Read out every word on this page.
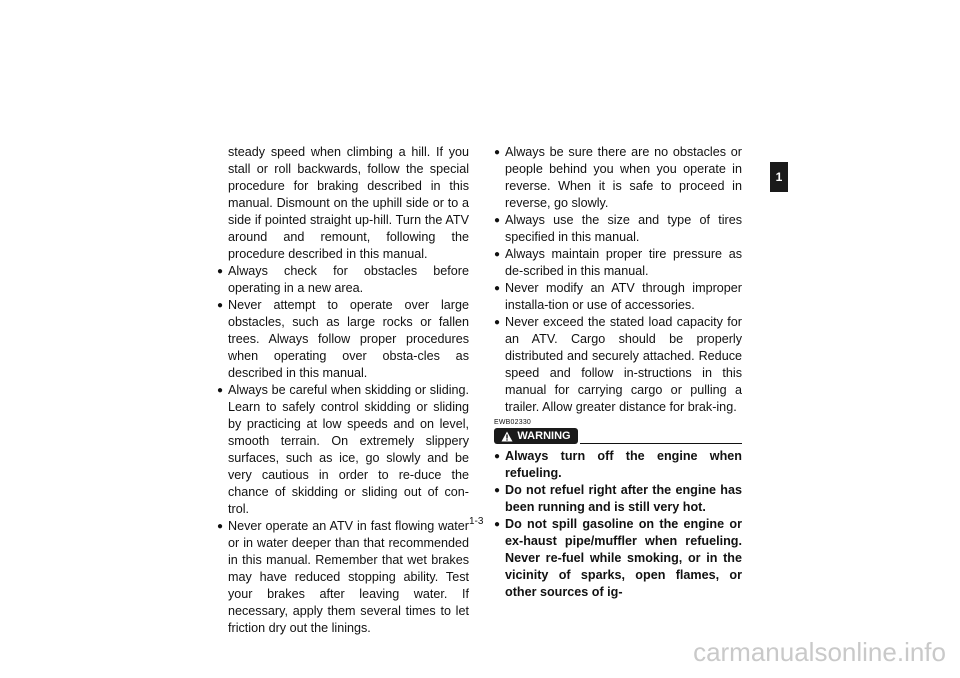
steady speed when climbing a hill. If you stall or roll backwards, follow the special procedure for braking described in this manual. Dismount on the uphill side or to a side if pointed straight up-hill. Turn the ATV around and remount, following the procedure described in this manual.

● Always check for obstacles before operating in a new area.

● Never attempt to operate over large obstacles, such as large rocks or fallen trees. Always follow proper procedures when operating over obsta-cles as described in this manual.

● Always be careful when skidding or sliding. Learn to safely control skidding or sliding by practicing at low speeds and on level, smooth terrain. On extremely slippery surfaces, such as ice, go slowly and be very cautious in order to re-duce the chance of skidding or sliding out of con-trol.

● Never operate an ATV in fast flowing water or in water deeper than that recommended in this manual. Remember that wet brakes may have reduced stopping ability. Test your brakes after leaving water. If necessary, apply them several times to let friction dry out the linings.

● Always be sure there are no obstacles or people behind you when you operate in reverse. When it is safe to proceed in reverse, go slowly.

● Always use the size and type of tires specified in this manual.

● Always maintain proper tire pressure as de-scribed in this manual.

● Never modify an ATV through improper installa-tion or use of accessories.

● Never exceed the stated load capacity for an ATV. Cargo should be properly distributed and securely attached. Reduce speed and follow in-structions in this manual for carrying cargo or pulling a trailer. Allow greater distance for brak-ing.

EWB02330

WARNING

● Always turn off the engine when refueling.

● Do not refuel right after the engine has been running and is still very hot.

● Do not spill gasoline on the engine or ex-haust pipe/muffler when refueling. Never re-fuel while smoking, or in the vicinity of sparks, open flames, or other sources of ig-

1
1-3
carmanualsonline.info
